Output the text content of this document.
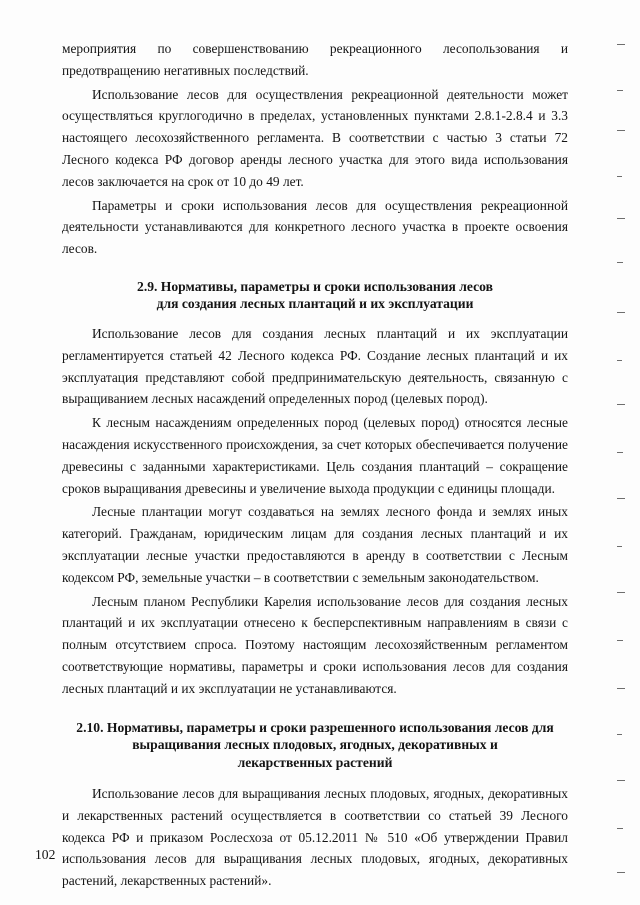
мероприятия по совершенствованию рекреационного лесопользования и предотвращению негативных последствий.

Использование лесов для осуществления рекреационной деятельности может осуществляться круглогодично в пределах, установленных пунктами 2.8.1-2.8.4 и 3.3 настоящего лесохозяйственного регламента. В соответствии с частью 3 статьи 72 Лесного кодекса РФ договор аренды лесного участка для этого вида использования лесов заключается на срок от 10 до 49 лет.

Параметры и сроки использования лесов для осуществления рекреационной деятельности устанавливаются для конкретного лесного участка в проекте освоения лесов.

2.9. Нормативы, параметры и сроки использования лесов
для создания лесных плантаций и их эксплуатации

Использование лесов для создания лесных плантаций и их эксплуатации регламентируется статьей 42 Лесного кодекса РФ. Создание лесных плантаций и их эксплуатация представляют собой предпринимательскую деятельность, связанную с выращиванием лесных насаждений определенных пород (целевых пород).

К лесным насаждениям определенных пород (целевых пород) относятся лесные насаждения искусственного происхождения, за счет которых обеспечивается получение древесины с заданными характеристиками. Цель создания плантаций – сокращение сроков выращивания древесины и увеличение выхода продукции с единицы площади.

Лесные плантации могут создаваться на землях лесного фонда и землях иных категорий. Гражданам, юридическим лицам для создания лесных плантаций и их эксплуатации лесные участки предоставляются в аренду в соответствии с Лесным кодексом РФ, земельные участки – в соответствии с земельным законодательством.

Лесным планом Республики Карелия использование лесов для создания лесных плантаций и их эксплуатации отнесено к бесперспективным направлениям в связи с полным отсутствием спроса. Поэтому настоящим лесохозяйственным регламентом соответствующие нормативы, параметры и сроки использования лесов для создания лесных плантаций и их эксплуатации не устанавливаются.

2.10. Нормативы, параметры и сроки разрешенного использования лесов для
выращивания лесных плодовых, ягодных, декоративных и
лекарственных растений

Использование лесов для выращивания лесных плодовых, ягодных, декоративных и лекарственных растений осуществляется в соответствии со статьей 39 Лесного кодекса РФ и приказом Рослесхоза от 05.12.2011 № 510 «Об утверждении Правил использования лесов для выращивания лесных плодовых, ягодных, декоративных растений, лекарственных растений».

102
